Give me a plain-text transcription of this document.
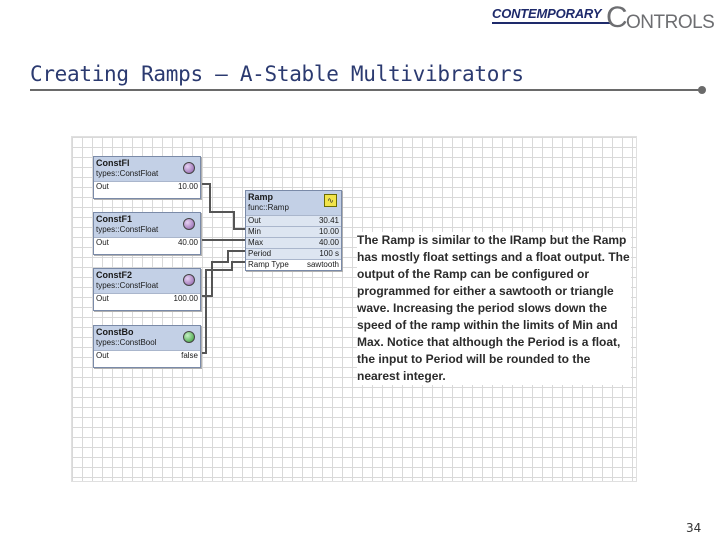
CONTEMPORARY C
ONTROLS
Creating Ramps — A-Stable Multivibrators
ConstFl
types::ConstFloat
Out	10.00
ConstF1
types::ConstFloat
Out	40.00
ConstF2
types::ConstFloat
Out	100.00
ConstBo
types::ConstBool
Out	false
Ramp
func::Ramp
∿
Out	30.41
Min	10.00
Max	40.00
Period	100 s
Ramp Type sawtooth
The Ramp is similar to the IRamp but the Ramp has mostly float settings and a float output. The output of the Ramp can be configured or programmed for either a sawtooth or triangle wave. Increasing the period slows down the speed of the ramp within the limits of Min and Max. Notice that although the Period is a float, the input to Period will be rounded to the nearest integer.
34
